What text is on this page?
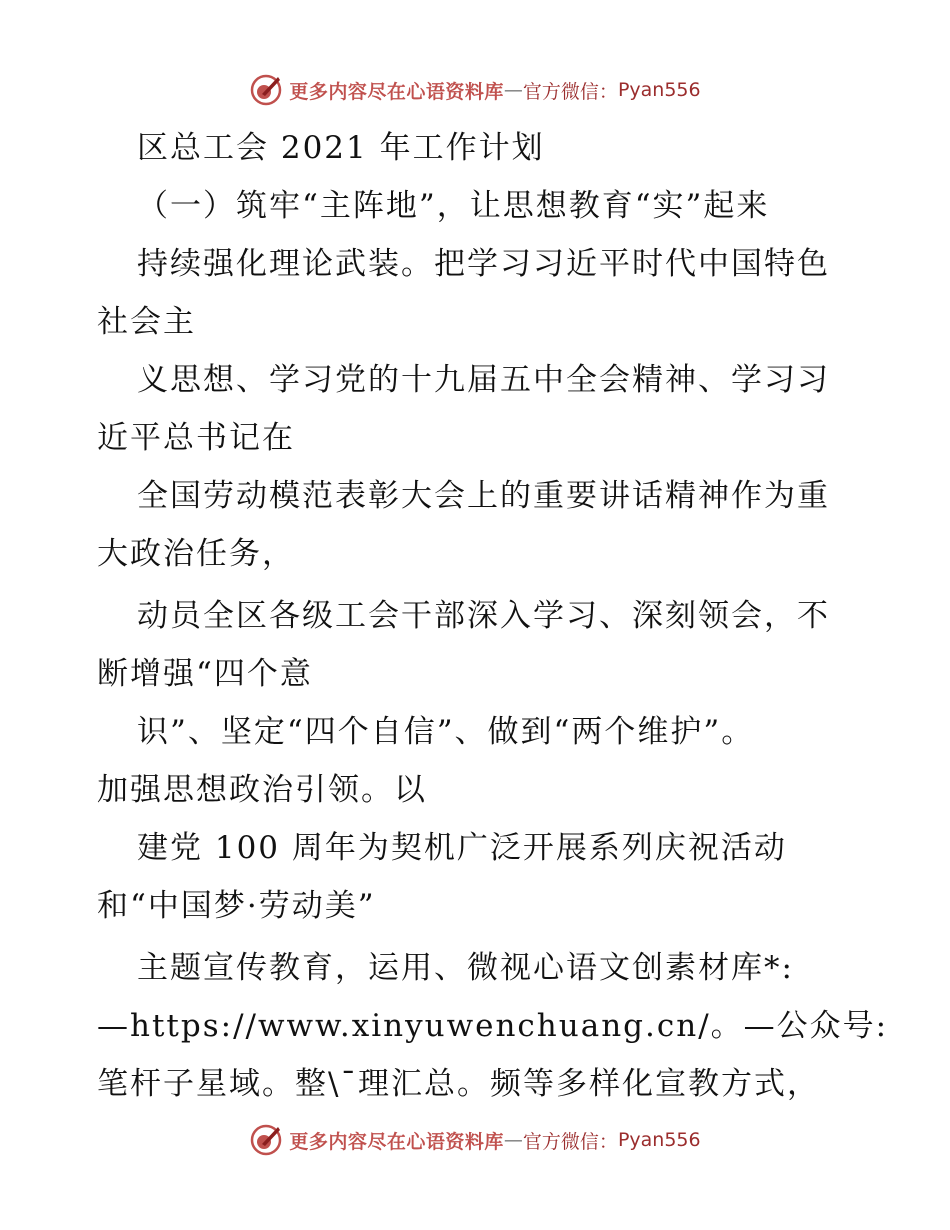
更多内容尽在心语资料库 — 官方微信： Pyan556
区总工会 2021 年工作计划
（一）筑牢“主阵地”，让思想教育“实”起来
持续强化理论武装。把学习习近平时代中国特色
社会主
义思想、学习党的十九届五中全会精神、学习习
近平总书记在
全国劳动模范表彰大会上的重要讲话精神作为重
大政治任务，
动员全区各级工会干部深入学习、深刻领会，不
断增强“四个意
识”、坚定“四个自信”、做到“两个维护”。
加强思想政治引领。以
建党 100 周年为契机广泛开展系列庆祝活动
和“中国梦·劳动美”
主题宣传教育，运用、微视心语文创素材库*:
—https://www.xinyuwenchuang.cn/。—公众号:
笔杆子星域。整\¯理汇总。频等多样化宣教方式，
更多内容尽在心语资料库 — 官方微信： Pyan556
